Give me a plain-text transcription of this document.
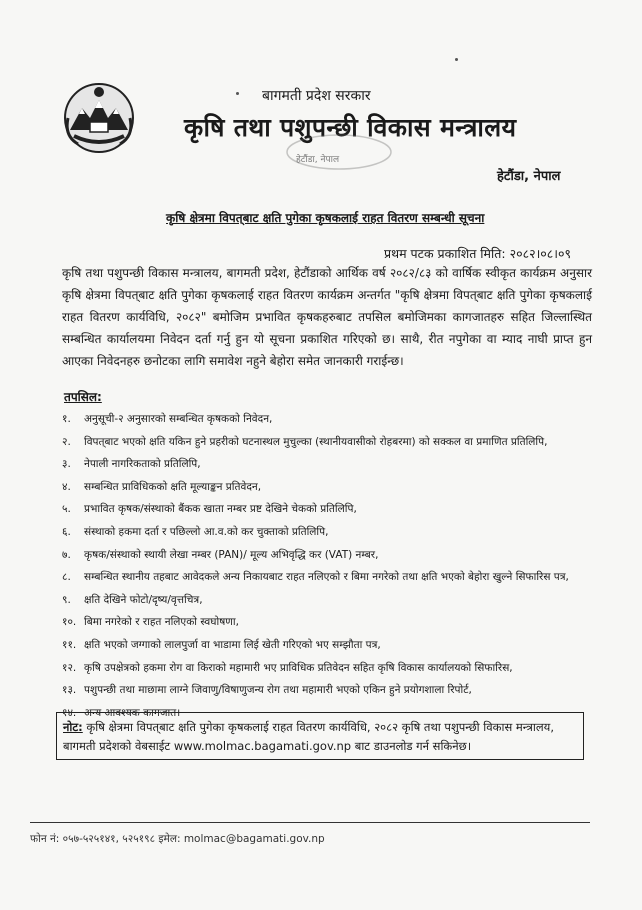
बागमती प्रदेश सरकार
कृषि तथा पशुपन्छी विकास मन्त्रालय
हेटौंडा, नेपाल
हेटौंडा, नेपाल
कृषि क्षेत्रमा विपत्‌बाट क्षति पुगेका कृषकलाई राहत वितरण सम्बन्धी सूचना
प्रथम पटक प्रकाशित मिति: २०८२।०८।०९
कृषि तथा पशुपन्छी विकास मन्त्रालय, बागमती प्रदेश, हेटौंडाको आर्थिक वर्ष २०८२/८३ को वार्षिक स्वीकृत कार्यक्रम अनुसार कृषि क्षेत्रमा विपत्‌बाट क्षति पुगेका कृषकलाई राहत वितरण कार्यक्रम अन्तर्गत "कृषि क्षेत्रमा विपत्‌बाट क्षति पुगेका कृषकलाई राहत वितरण कार्यविधि, २०८२" बमोजिम प्रभावित कृषकहरुबाट तपसिल बमोजिमका कागजातहरु सहित जिल्लास्थित सम्बन्धित कार्यालयमा निवेदन दर्ता गर्नु हुन यो सूचना प्रकाशित गरिएको छ। साथै, रीत नपुगेका वा म्याद नाघी प्राप्त हुन आएका निवेदनहरु छनोटका लागि समावेश नहुने बेहोरा समेत जानकारी गराईन्छ।
तपसिल:
१.	अनुसूची-२ अनुसारको सम्बन्धित कृषकको निवेदन,
२.	विपत्‌बाट भएको क्षति यकिन हुने प्रहरीको घटनास्थल मुचुल्का (स्थानीयवासीको रोहबरमा) को सक्कल वा प्रमाणित प्रतिलिपि,
३.	नेपाली नागरिकताको प्रतिलिपि,
४.	सम्बन्धित प्राविधिकको क्षति मूल्याङ्कन प्रतिवेदन,
५.	प्रभावित कृषक/संस्थाको बैंकक खाता नम्बर प्रष्ट देखिने चेकको प्रतिलिपि,
६.	संस्थाको हकमा दर्ता र पछिल्लो आ.व.को कर चुक्ताको प्रतिलिपि,
७.	कृषक/संस्थाको स्थायी लेखा नम्बर (PAN)/ मूल्य अभिवृद्धि कर (VAT) नम्बर,
८.	सम्बन्धित स्थानीय तहबाट आवेदकले अन्य निकायबाट राहत नलिएको र बिमा नगरेको तथा क्षति भएको बेहोरा खुल्ने सिफारिस पत्र,
९.	क्षति देखिने फोटो/दृष्य/वृत्तचित्र,
१०. बिमा नगरेको र राहत नलिएको स्वघोषणा,
११. क्षति भएको जग्गाको लालपुर्जा वा भाडामा लिई खेती गरिएको भए सम्झौता पत्र,
१२. कृषि उपक्षेत्रको हकमा रोग वा किराको महामारी भए प्राविधिक प्रतिवेदन सहित कृषि विकास कार्यालयको सिफारिस,
१३. पशुपन्छी तथा माछामा लाग्ने जिवाणु/विषाणुजन्य रोग तथा महामारी भएको एकिन हुने प्रयोगशाला रिपोर्ट,
१४. अन्य आवश्यक कागजात।
नोट: कृषि क्षेत्रमा विपत्‌बाट क्षति पुगेका कृषकलाई राहत वितरण कार्यविधि, २०८२ कृषि तथा पशुपन्छी विकास मन्त्रालय, बागमती प्रदेशको वेबसाईट www.molmac.bagamati.gov.np बाट डाउनलोड गर्न सकिनेछ।
फोन नं: ०५७-५२५१४१, ५२५१९८ इमेल: molmac@bagamati.gov.np
